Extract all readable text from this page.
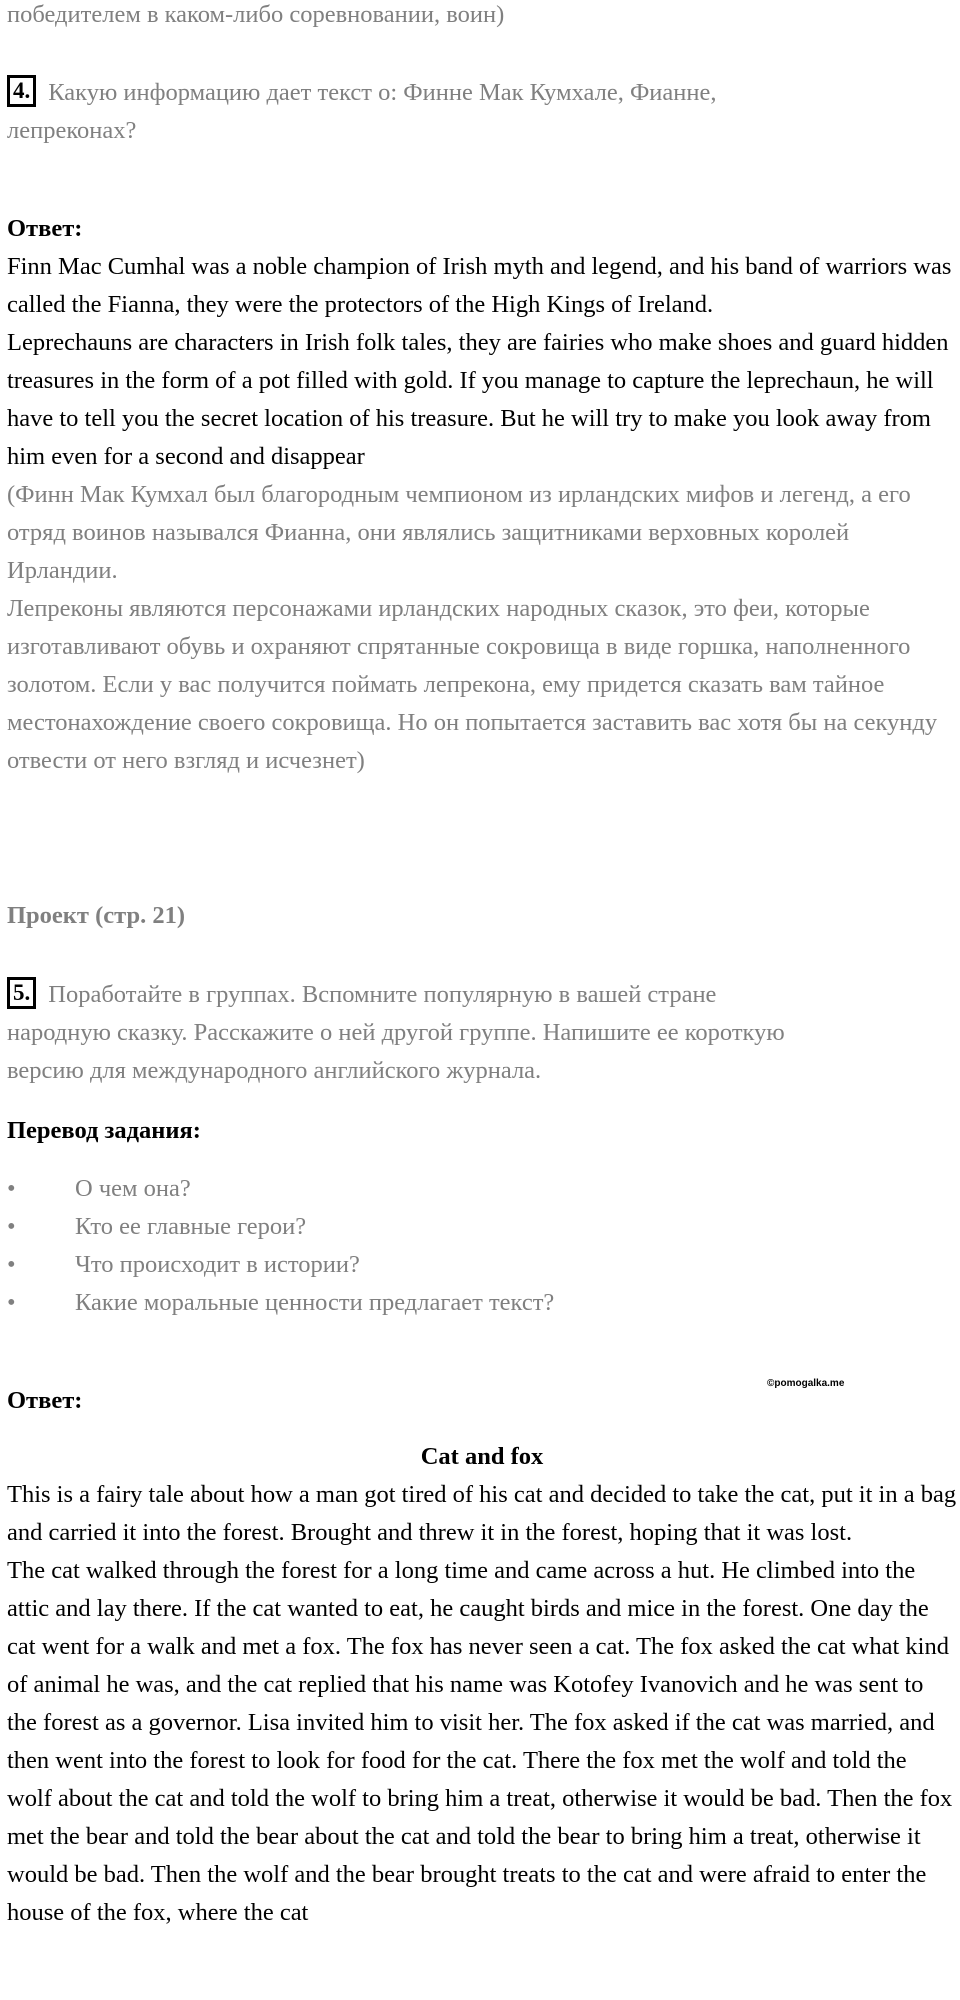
победителем в каком-либо соревновании, воин)
4. Какую информацию дает текст о: Финне Мак Кумхале, Фианне,
лепреконах?
Ответ:

Finn Mac Cumhal was a noble champion of Irish myth and legend, and his band of warriors was called the Fianna, they were the protectors of the High Kings of Ireland.

Leprechauns are characters in Irish folk tales, they are fairies who make shoes and guard hidden treasures in the form of a pot filled with gold. If you manage to capture the leprechaun, he will have to tell you the secret location of his treasure. But he will try to make you look away from him even for a second and disappear

(Финн Мак Кумхал был благородным чемпионом из ирландских мифов и легенд, а его отряд воинов назывался Фианна, они являлись защитниками верховных королей Ирландии.

Лепреконы являются персонажами ирландских народных сказок, это феи, которые изготавливают обувь и охраняют спрятанные сокровища в виде горшка, наполненного золотом. Если у вас получится поймать лепрекона, ему придется сказать вам тайное местонахождение своего сокровища. Но он попытается заставить вас хотя бы на секунду отвести от него взгляд и исчезнет)

Проект (стр. 21)
5. Поработайте в группах. Вспомните популярную в вашей стране
народную сказку. Расскажите о ней другой группе. Напишите ее короткую
версию для международного английского журнала.
Перевод задания:
• О чем она?
• Кто ее главные герои?
• Что происходит в истории?
• Какие моральные ценности предлагает текст?
Ответ:
©pomogalka.me
Cat and fox

This is a fairy tale about how a man got tired of his cat and decided to take the cat, put it in a bag and carried it into the forest. Brought and threw it in the forest, hoping that it was lost.

The cat walked through the forest for a long time and came across a hut. He climbed into the attic and lay there. If the cat wanted to eat, he caught birds and mice in the forest. One day the cat went for a walk and met a fox. The fox has never seen a cat. The fox asked the cat what kind of animal he was, and the cat replied that his name was Kotofey Ivanovich and he was sent to the forest as a governor. Lisa invited him to visit her. The fox asked if the cat was married, and then went into the forest to look for food for the cat. There the fox met the wolf and told the wolf about the cat and told the wolf to bring him a treat, otherwise it would be bad. Then the fox met the bear and told the bear about the cat and told the bear to bring him a treat, otherwise it would be bad. Then the wolf and the bear brought treats to the cat and were afraid to enter the house of the fox, where the cat
